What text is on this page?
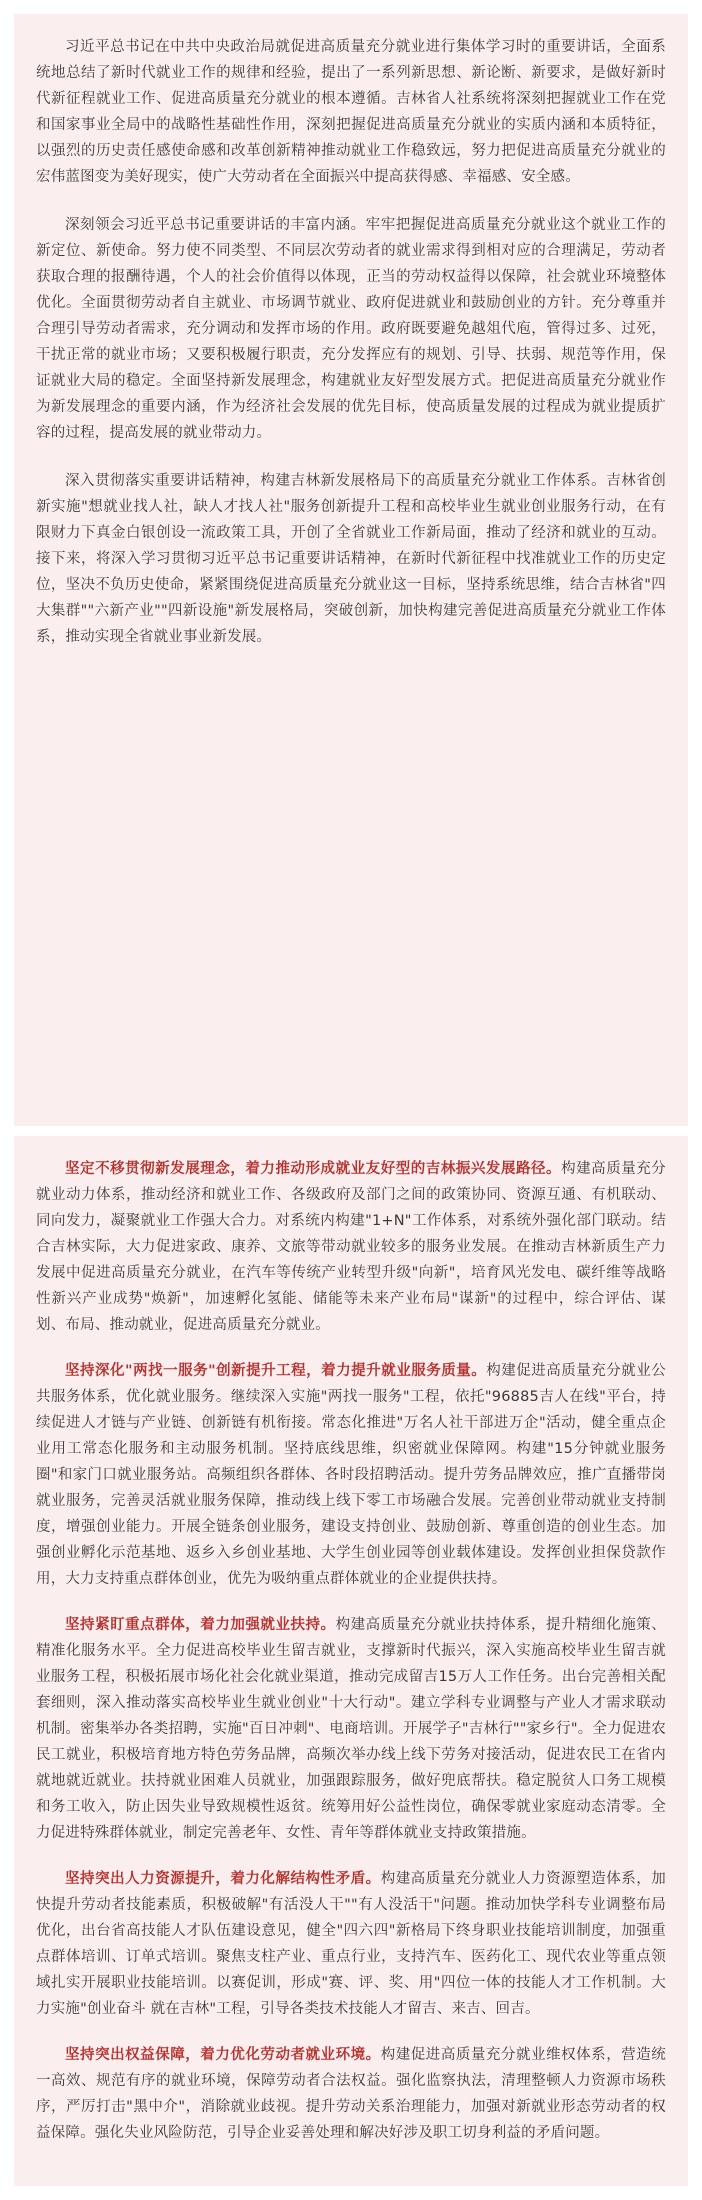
习近平总书记在中共中央政治局就促进高质量充分就业进行集体学习时的重要讲话，全面系统地总结了新时代就业工作的规律和经验，提出了一系列新思想、新论断、新要求，是做好新时代新征程就业工作、促进高质量充分就业的根本遵循。吉林省人社系统将深刻把握就业工作在党和国家事业全局中的战略性基础性作用，深刻把握促进高质量充分就业的实质内涵和本质特征，以强烈的历史责任感使命感和改革创新精神推动就业工作稳致远，努力把促进高质量充分就业的宏伟蓝图变为美好现实，使广大劳动者在全面振兴中提高获得感、幸福感、安全感。

深刻领会习近平总书记重要讲话的丰富内涵。牢牢把握促进高质量充分就业这个就业工作的新定位、新使命。努力使不同类型、不同层次劳动者的就业需求得到相对应的合理满足，劳动者获取合理的报酬待遇，个人的社会价值得以体现，正当的劳动权益得以保障，社会就业环境整体优化。全面贯彻劳动者自主就业、市场调节就业、政府促进就业和鼓励创业的方针。充分尊重并合理引导劳动者需求，充分调动和发挥市场的作用。政府既要避免越俎代庖，管得过多、过死，干扰正常的就业市场；又要积极履行职责，充分发挥应有的规划、引导、扶弱、规范等作用，保证就业大局的稳定。全面坚持新发展理念，构建就业友好型发展方式。把促进高质量充分就业作为新发展理念的重要内涵，作为经济社会发展的优先目标，使高质量发展的过程成为就业提质扩容的过程，提高发展的就业带动力。

深入贯彻落实重要讲话精神，构建吉林新发展格局下的高质量充分就业工作体系。吉林省创新实施"想就业找人社，缺人才找人社"服务创新提升工程和高校毕业生就业创业服务行动，在有限财力下真金白银创设一流政策工具，开创了全省就业工作新局面，推动了经济和就业的互动。接下来，将深入学习贯彻习近平总书记重要讲话精神，在新时代新征程中找准就业工作的历史定位，坚决不负历史使命，紧紧围绕促进高质量充分就业这一目标，坚持系统思维，结合吉林省"四大集群""六新产业""四新设施"新发展格局，突破创新，加快构建完善促进高质量充分就业工作体系，推动实现全省就业事业新发展。

坚定不移贯彻新发展理念，着力推动形成就业友好型的吉林振兴发展路径。构建高质量充分就业动力体系，推动经济和就业工作、各级政府及部门之间的政策协同、资源互通、有机联动、同向发力，凝聚就业工作强大合力。对系统内构建"1+N"工作体系，对系统外强化部门联动。结合吉林实际，大力促进家政、康养、文旅等带动就业较多的服务业发展。在推动吉林新质生产力发展中促进高质量充分就业，在汽车等传统产业转型升级"向新"，培育风光发电、碳纤维等战略性新兴产业成势"焕新"，加速孵化氢能、储能等未来产业布局"谋新"的过程中，综合评估、谋划、布局、推动就业，促进高质量充分就业。

坚持深化"两找一服务"创新提升工程，着力提升就业服务质量。构建促进高质量充分就业公共服务体系，优化就业服务。继续深入实施"两找一服务"工程，依托"96885吉人在线"平台，持续促进人才链与产业链、创新链有机衔接。常态化推进"万名人社干部进万企"活动，健全重点企业用工常态化服务和主动服务机制。坚持底线思维，织密就业保障网。构建"15分钟就业服务圈"和家门口就业服务站。高频组织各群体、各时段招聘活动。提升劳务品牌效应，推广直播带岗就业服务，完善灵活就业服务保障，推动线上线下零工市场融合发展。完善创业带动就业支持制度，增强创业能力。开展全链条创业服务，建设支持创业、鼓励创新、尊重创造的创业生态。加强创业孵化示范基地、返乡入乡创业基地、大学生创业园等创业载体建设。发挥创业担保贷款作用，大力支持重点群体创业，优先为吸纳重点群体就业的企业提供扶持。

坚持紧盯重点群体，着力加强就业扶持。构建高质量充分就业扶持体系，提升精细化施策、精准化服务水平。全力促进高校毕业生留吉就业，支撑新时代振兴，深入实施高校毕业生留吉就业服务工程，积极拓展市场化社会化就业渠道，推动完成留吉15万人工作任务。出台完善相关配套细则，深入推动落实高校毕业生就业创业"十大行动"。建立学科专业调整与产业人才需求联动机制。密集举办各类招聘，实施"百日冲刺"、电商培训。开展学子"吉林行""家乡行"。全力促进农民工就业，积极培育地方特色劳务品牌，高频次举办线上线下劳务对接活动，促进农民工在省内就地就近就业。扶持就业困难人员就业，加强跟踪服务，做好兜底帮扶。稳定脱贫人口务工规模和务工收入，防止因失业导致规模性返贫。统筹用好公益性岗位，确保零就业家庭动态清零。全力促进特殊群体就业，制定完善老年、女性、青年等群体就业支持政策措施。

坚持突出人力资源提升，着力化解结构性矛盾。构建高质量充分就业人力资源塑造体系，加快提升劳动者技能素质，积极破解"有活没人干""有人没活干"问题。推动加快学科专业调整布局优化，出台省高技能人才队伍建设意见，健全"四六四"新格局下终身职业技能培训制度，加强重点群体培训、订单式培训。聚焦支柱产业、重点行业，支持汽车、医药化工、现代农业等重点领域扎实开展职业技能培训。以赛促训，形成"赛、评、奖、用"四位一体的技能人才工作机制。大力实施"创业奋斗 就在吉林"工程，引导各类技术技能人才留吉、来吉、回吉。

坚持突出权益保障，着力优化劳动者就业环境。构建促进高质量充分就业维权体系，营造统一高效、规范有序的就业环境，保障劳动者合法权益。强化监察执法，清理整顿人力资源市场秩序，严厉打击"黑中介"，消除就业歧视。提升劳动关系治理能力，加强对新就业形态劳动者的权益保障。强化失业风险防范，引导企业妥善处理和解决好涉及职工切身利益的矛盾问题。
